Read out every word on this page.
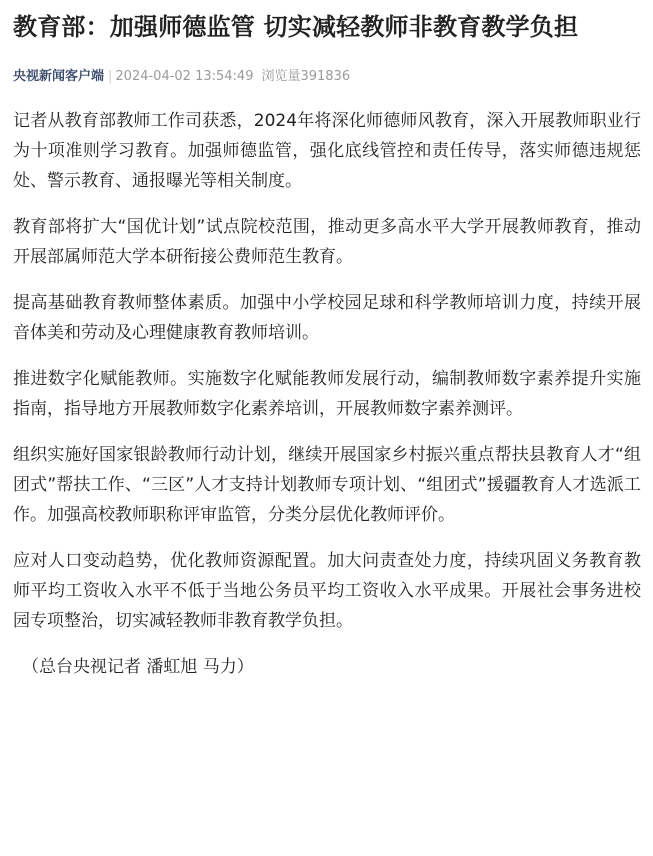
教育部：加强师德监管 切实减轻教师非教育教学负担
央视新闻客户端 | 2024-04-02 13:54:49 浏览量391836

记者从教育部教师工作司获悉，2024年将深化师德师风教育，深入开展教师职业行为十项准则学习教育。加强师德监管，强化底线管控和责任传导，落实师德违规惩处、警示教育、通报曝光等相关制度。

教育部将扩大“国优计划”试点院校范围，推动更多高水平大学开展教师教育，推动开展部属师范大学本研衔接公费师范生教育。

提高基础教育教师整体素质。加强中小学校园足球和科学教师培训力度，持续开展音体美和劳动及心理健康教育教师培训。

推进数字化赋能教师。实施数字化赋能教师发展行动，编制教师数字素养提升实施指南，指导地方开展教师数字化素养培训，开展教师数字素养测评。

组织实施好国家银龄教师行动计划，继续开展国家乡村振兴重点帮扶县教育人才“组团式”帮扶工作、“三区”人才支持计划教师专项计划、“组团式”援疆教育人才选派工作。加强高校教师职称评审监管，分类分层优化教师评价。

应对人口变动趋势，优化教师资源配置。加大问责查处力度，持续巩固义务教育教师平均工资收入水平不低于当地公务员平均工资收入水平成果。开展社会事务进校园专项整治，切实减轻教师非教育教学负担。

（总台央视记者 潘虹旭 马力）
